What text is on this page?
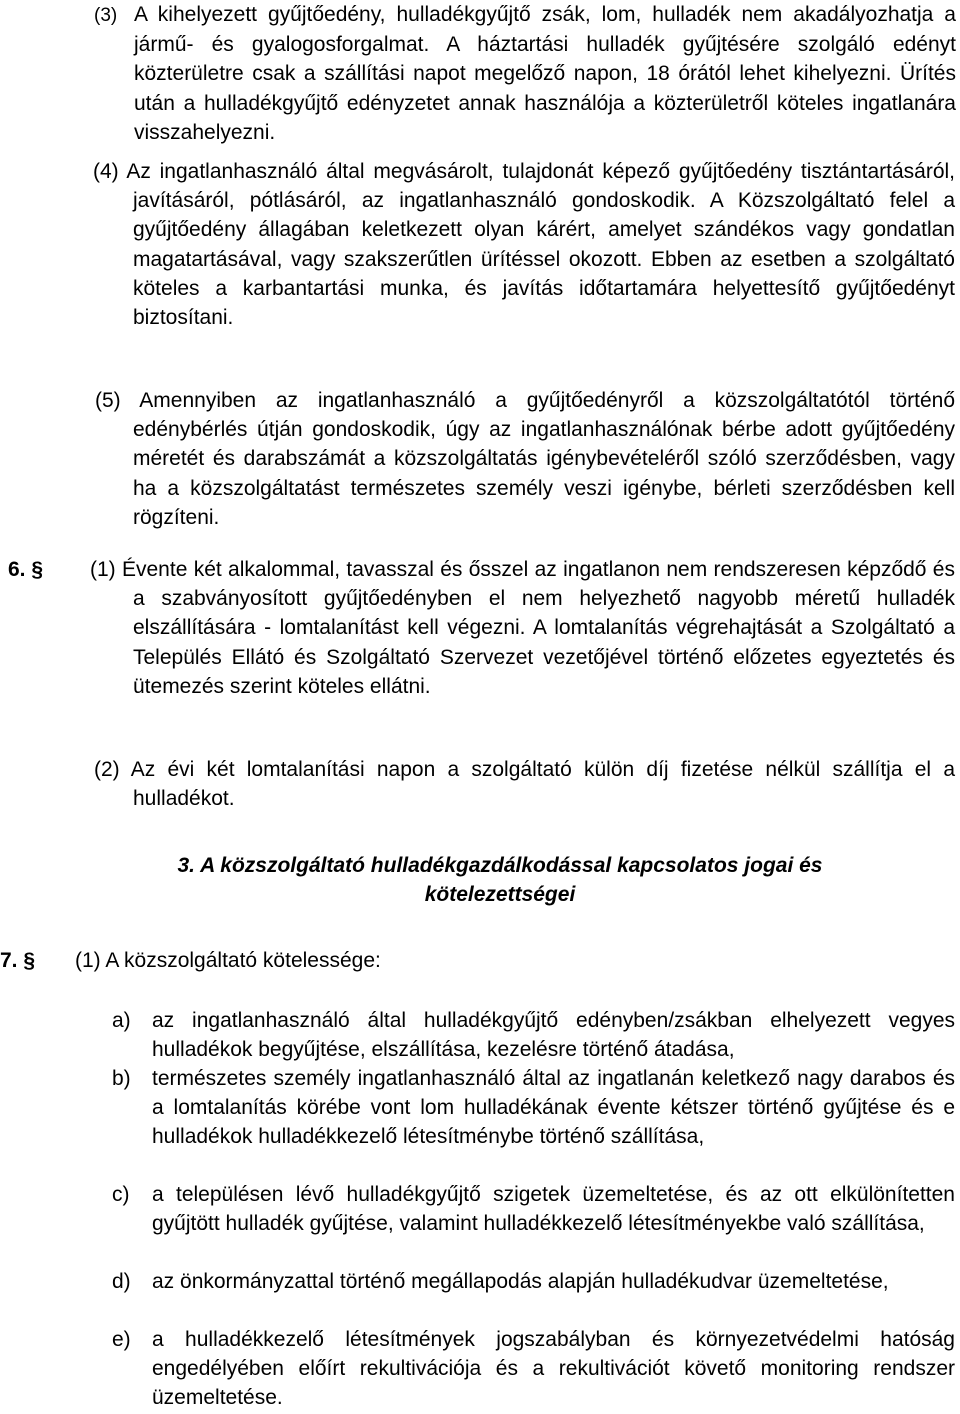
(3) A kihelyezett gyűjtőedény, hulladékgyűjtő zsák, lom, hulladék nem akadályozhatja a jármű- és gyalogosforgalmat. A háztartási hulladék gyűjtésére szolgáló edényt közterületre csak a szállítási napot megelőző napon, 18 órától lehet kihelyezni. Ürítés után a hulladékgyűjtő edényzetet annak használója a közterületről köteles ingatlanára visszahelyezni.

(4) Az ingatlanhasználó által megvásárolt, tulajdonát képező gyűjtőedény tisztántartásáról, javításáról, pótlásáról, az ingatlanhasználó gondoskodik. A Közszolgáltató felel a gyűjtőedény állagában keletkezett olyan kárért, amelyet szándékos vagy gondatlan magatartásával, vagy szakszerűtlen ürítéssel okozott. Ebben az esetben a szolgáltató köteles a karbantartási munka, és javítás időtartamára helyettesítő gyűjtőedényt biztosítani.

(5) Amennyiben az ingatlanhasználó a gyűjtőedényről a közszolgáltatótól történő edénybérlés útján gondoskodik, úgy az ingatlanhasználónak bérbe adott gyűjtőedény méretét és darabszámát a közszolgáltatás igénybevételéről szóló szerződésben, vagy ha a közszolgáltatást természetes személy veszi igénybe, bérleti szerződésben kell rögzíteni.

6. § (1) Évente két alkalommal, tavasszal és ősszel az ingatlanon nem rendszeresen képződő és a szabványosított gyűjtőedényben el nem helyezhető nagyobb méretű hulladék elszállítására - lomtalanítást kell végezni. A lomtalanítás végrehajtását a Szolgáltató a Település Ellátó és Szolgáltató Szervezet vezetőjével történő előzetes egyeztetés és ütemezés szerint köteles ellátni.

(2) Az évi két lomtalanítási napon a szolgáltató külön díj fizetése nélkül szállítja el a hulladékot.

3. A közszolgáltató hulladékgazdálkodással kapcsolatos jogai és kötelezettségei
7. § (1) A közszolgáltató kötelessége:

a) az ingatlanhasználó által hulladékgyűjtő edényben/zsákban elhelyezett vegyes hulladékok begyűjtése, elszállítása, kezelésre történő átadása,
b) természetes személy ingatlanhasználó által az ingatlanán keletkező nagy darabos és a lomtalanítás körébe vont lom hulladékának évente kétszer történő gyűjtése és e hulladékok hulladékkezelő létesítménybe történő szállítása,
c) a településen lévő hulladékgyűjtő szigetek üzemeltetése, és az ott elkülönítetten gyűjtött hulladék gyűjtése, valamint hulladékkezelő létesítményekbe való szállítása,
d) az önkormányzattal történő megállapodás alapján hulladékudvar üzemeltetése,
e) a hulladékkezelő létesítmények jogszabályban és környezetvédelmi hatóság engedélyében előírt rekultivációja és a rekultivációt követő monitoring rendszer üzemeltetése.
